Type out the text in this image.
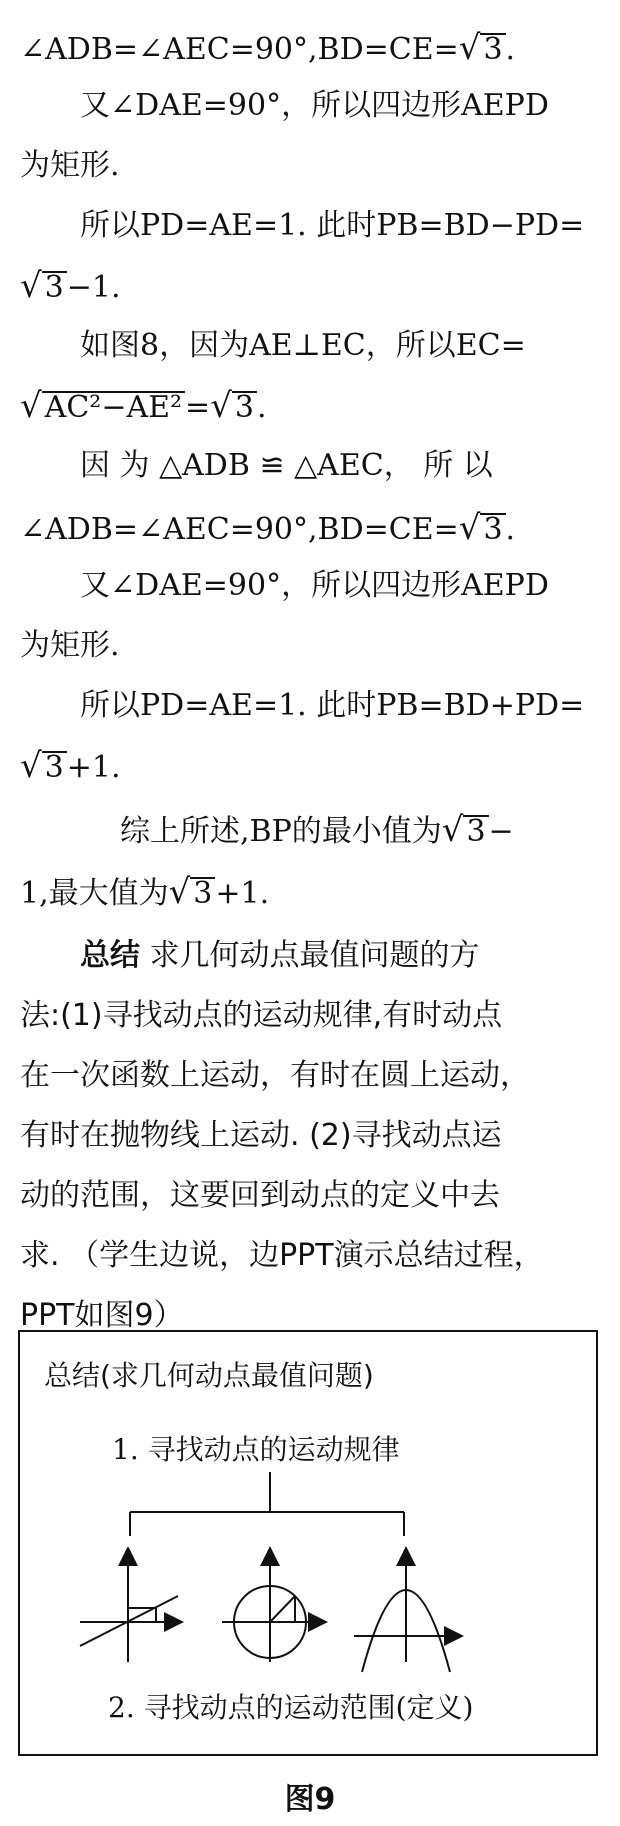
∠ADB=∠AEC=90°,BD=CE=√ 3 .
又∠DAE=90°，所以四边形AEPD
为矩形.
所以PD=AE=1. 此时PB=BD−PD=
√ 3 −1.
如图8，因为AE⊥EC，所以EC=
√ AC²−AE² =√ 3 .
因 为 △ADB ≌ △AEC， 所 以
∠ADB=∠AEC=90°,BD=CE=√ 3 .
又∠DAE=90°，所以四边形AEPD
为矩形.
所以PD=AE=1. 此时PB=BD+PD=
√ 3 +1.
综上所述,BP的最小值为√ 3 −
1,最大值为√ 3 +1.
总结 求几何动点最值问题的方
法:(1)寻找动点的运动规律,有时动点
在一次函数上运动，有时在圆上运动，
有时在抛物线上运动. (2)寻找动点运
动的范围，这要回到动点的定义中去
求. （学生边说，边PPT演示总结过程，
PPT如图9）
总结(求几何动点最值问题)
1. 寻找动点的运动规律
2. 寻找动点的运动范围(定义)
图9
